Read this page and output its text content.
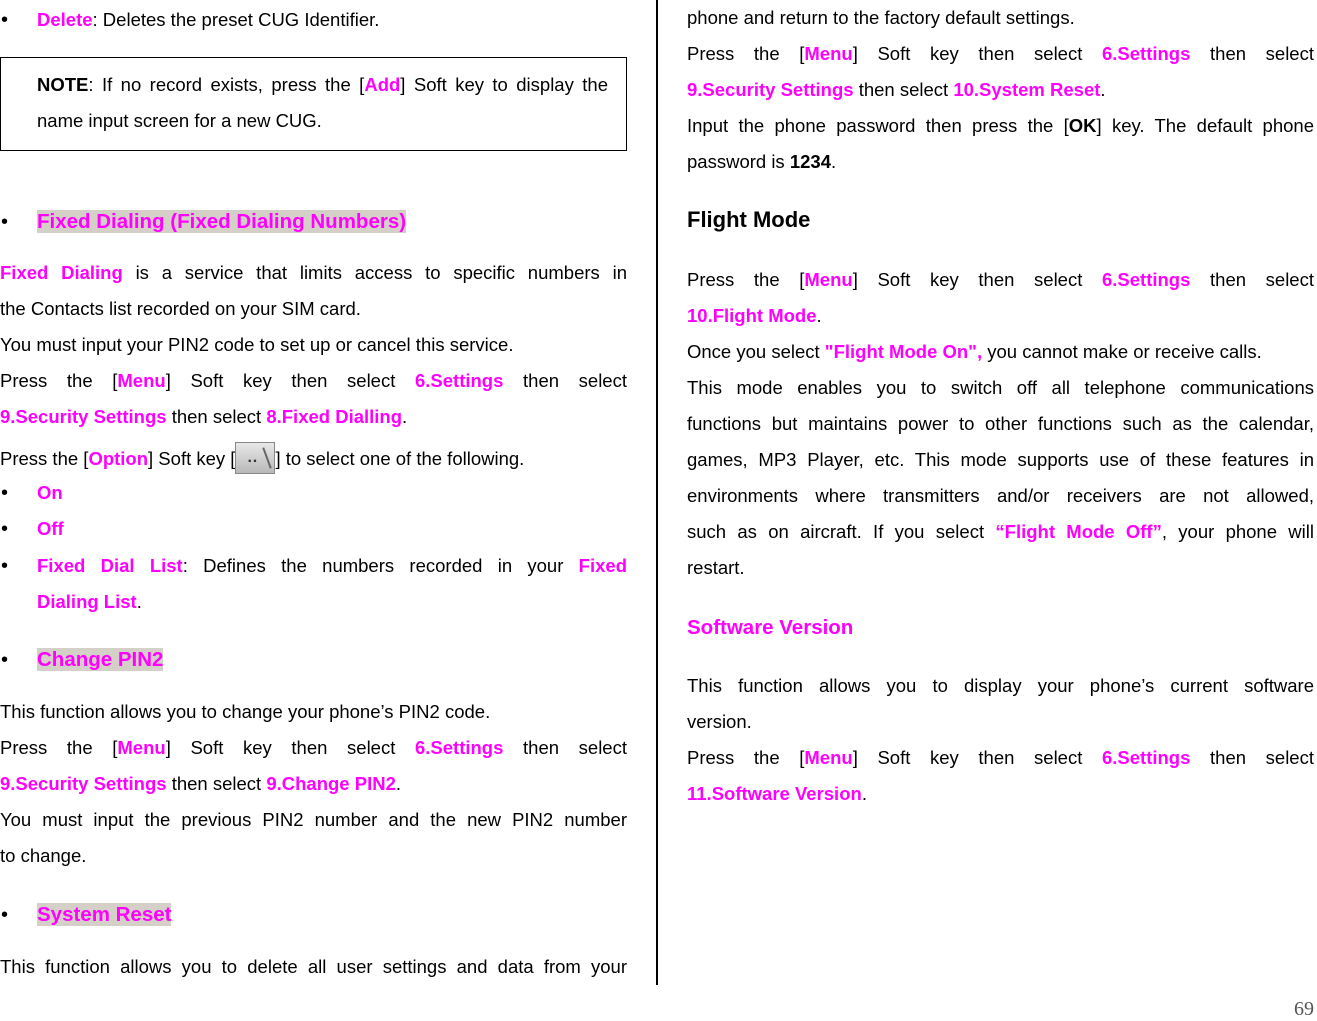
• Delete: Deletes the preset CUG Identifier.

NOTE: If no record exists, press the [Add] Soft key to display the name input screen for a new CUG.

• Fixed Dialing (Fixed Dialing Numbers)

Fixed Dialing is a service that limits access to specific numbers in

the Contacts list recorded on your SIM card.

You must input your PIN2 code to set up or cancel this service.

Press the [Menu] Soft key then select 6.Settings then select

9.Security Settings then select 8.Fixed Dialling.

Press the [Option] Soft key [·· ] to select one of the following.

• On
• Off
• Fixed Dial List: Defines the numbers recorded in your Fixed

Dialing List.

• Change PIN2

This function allows you to change your phone’s PIN2 code.

Press the [Menu] Soft key then select 6.Settings then select

9.Security Settings then select 9.Change PIN2.

You must input the previous PIN2 number and the new PIN2 number

to change.

• System Reset

This function allows you to delete all user settings and data from your

phone and return to the factory default settings.

Press the [Menu] Soft key then select 6.Settings then select

9.Security Settings then select 10.System Reset.

Input the phone password then press the [OK] key. The default phone

password is 1234.

Flight Mode

Press the [Menu] Soft key then select 6.Settings then select

10.Flight Mode.

Once you select "Flight Mode On", you cannot make or receive calls.

This mode enables you to switch off all telephone communications

functions but maintains power to other functions such as the calendar,

games, MP3 Player, etc. This mode supports use of these features in

environments where transmitters and/or receivers are not allowed,

such as on aircraft. If you select “Flight Mode Off”, your phone will

restart.

Software Version

This function allows you to display your phone’s current software

version.

Press the [Menu] Soft key then select 6.Settings then select

11.Software Version.

69
